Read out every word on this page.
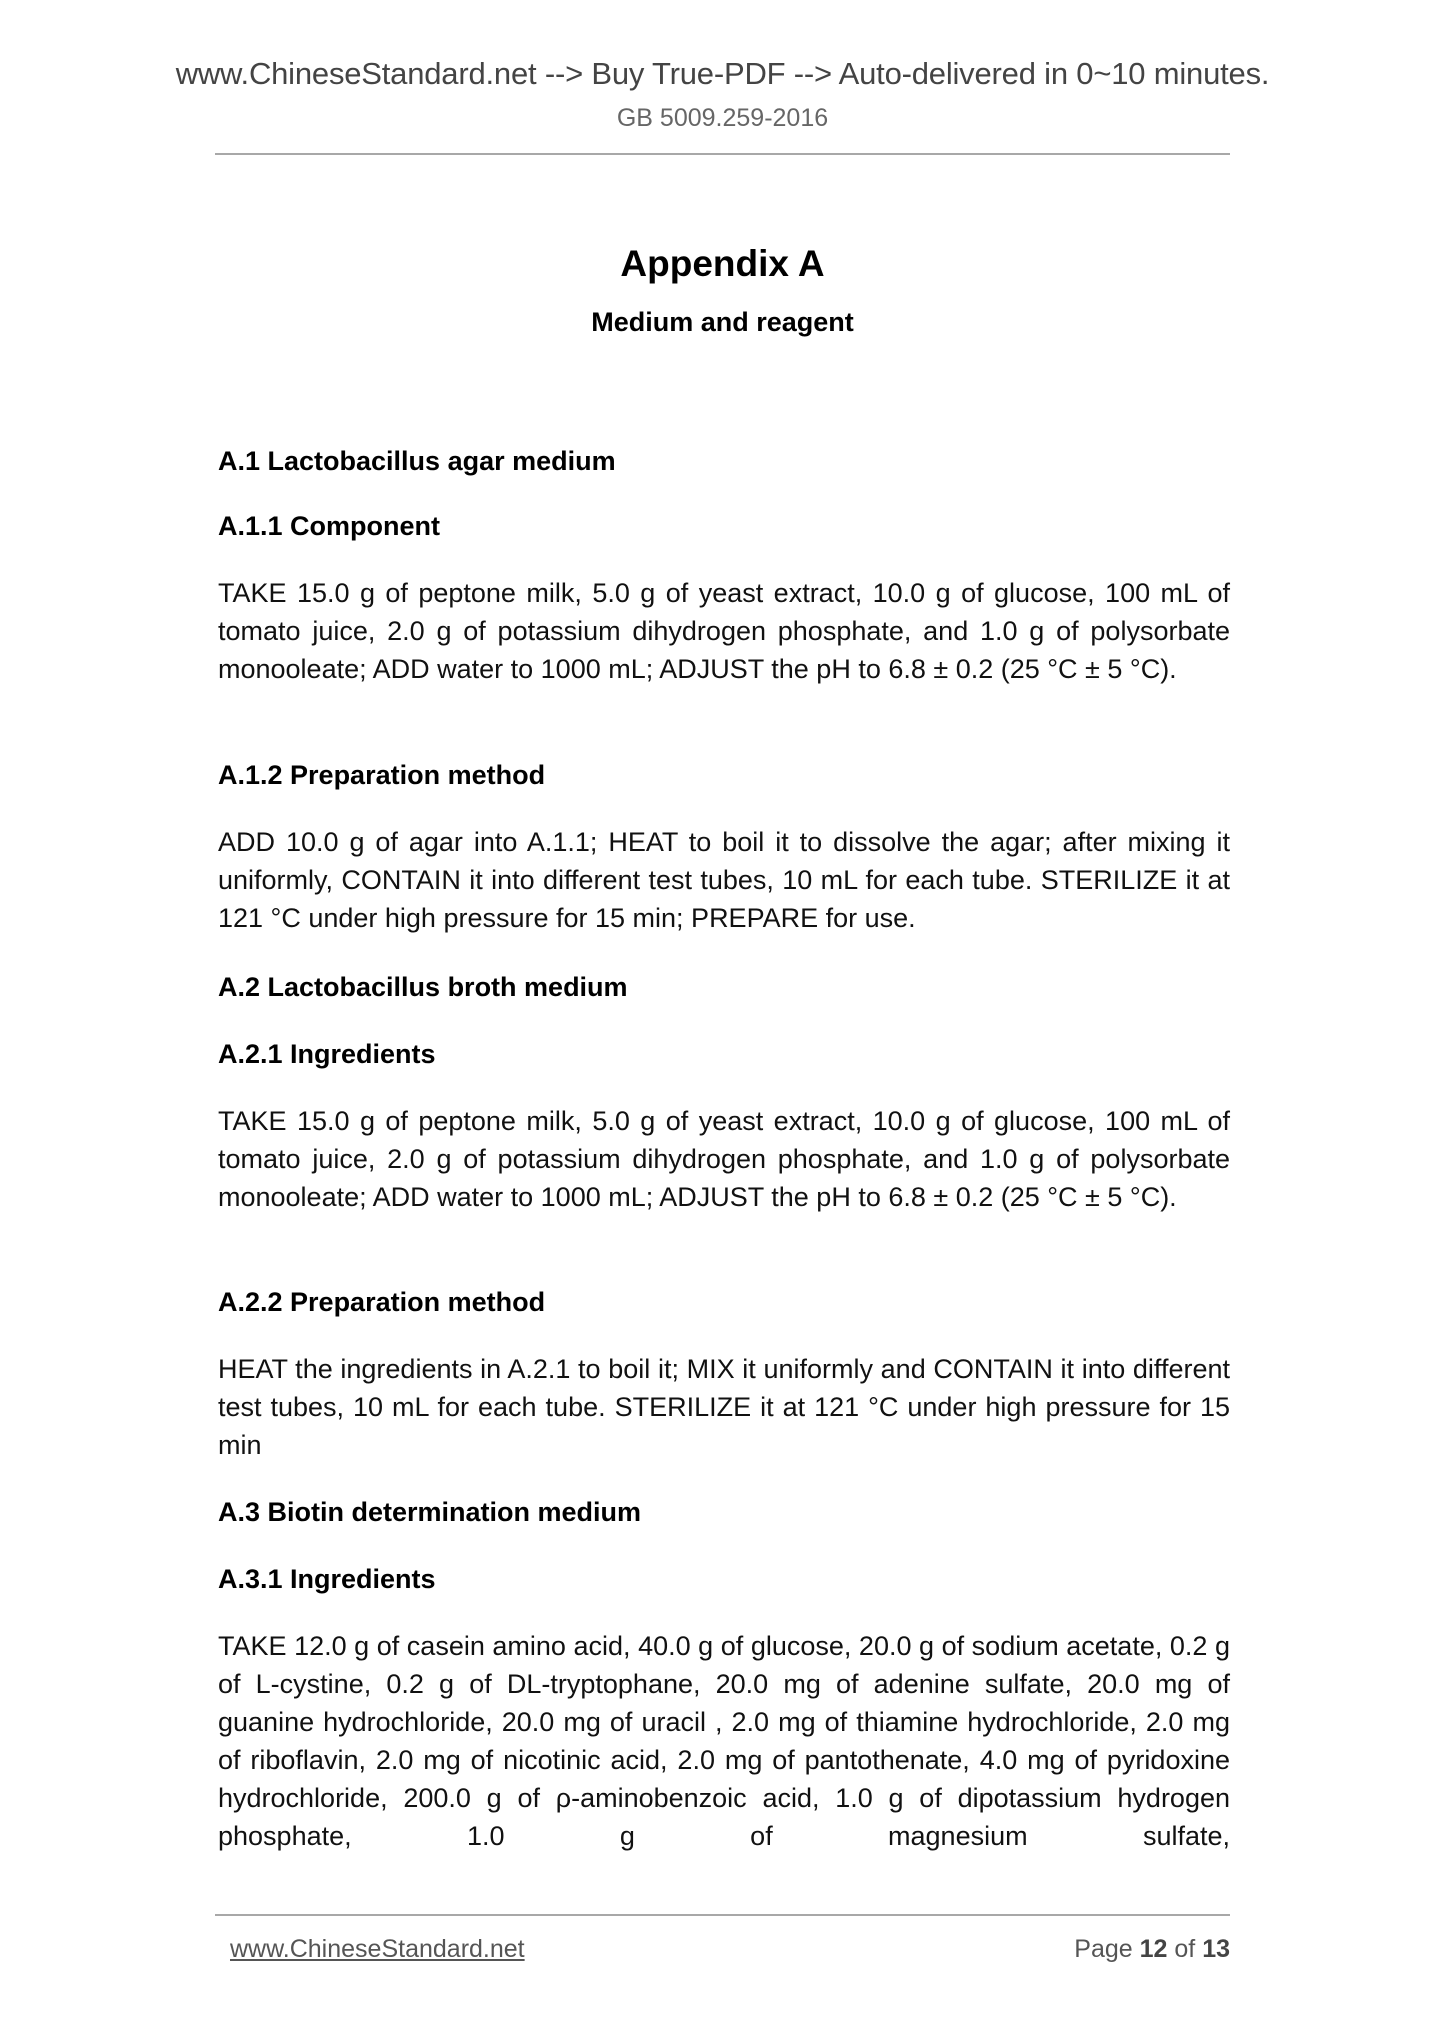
www.ChineseStandard.net --> Buy True-PDF --> Auto-delivered in 0~10 minutes.
GB 5009.259-2016
Appendix A
Medium and reagent
A.1 Lactobacillus agar medium
A.1.1 Component
TAKE 15.0 g of peptone milk, 5.0 g of yeast extract, 10.0 g of glucose, 100 mL of tomato juice, 2.0 g of potassium dihydrogen phosphate, and 1.0 g of polysorbate monooleate; ADD water to 1000 mL; ADJUST the pH to 6.8 ± 0.2 (25 °C ± 5 °C).
A.1.2 Preparation method
ADD 10.0 g of agar into A.1.1; HEAT to boil it to dissolve the agar; after mixing it uniformly, CONTAIN it into different test tubes, 10 mL for each tube. STERILIZE it at 121 °C under high pressure for 15 min; PREPARE for use.
A.2 Lactobacillus broth medium
A.2.1 Ingredients
TAKE 15.0 g of peptone milk, 5.0 g of yeast extract, 10.0 g of glucose, 100 mL of tomato juice, 2.0 g of potassium dihydrogen phosphate, and 1.0 g of polysorbate monooleate; ADD water to 1000 mL; ADJUST the pH to 6.8 ± 0.2 (25 °C ± 5 °C).
A.2.2 Preparation method
HEAT the ingredients in A.2.1 to boil it; MIX it uniformly and CONTAIN it into different test tubes, 10 mL for each tube. STERILIZE it at 121 °C under high pressure for 15 min
A.3 Biotin determination medium
A.3.1 Ingredients
TAKE 12.0 g of casein amino acid, 40.0 g of glucose, 20.0 g of sodium acetate, 0.2 g of L-cystine, 0.2 g of DL-tryptophane, 20.0 mg of adenine sulfate, 20.0 mg of guanine hydrochloride, 20.0 mg of uracil , 2.0 mg of thiamine hydrochloride, 2.0 mg of riboflavin, 2.0 mg of nicotinic acid, 2.0 mg of pantothenate, 4.0 mg of pyridoxine hydrochloride, 200.0 g of ρ-aminobenzoic acid, 1.0 g of dipotassium hydrogen phosphate, 1.0 g of magnesium sulfate,
www.ChineseStandard.net	Page 12 of 13
